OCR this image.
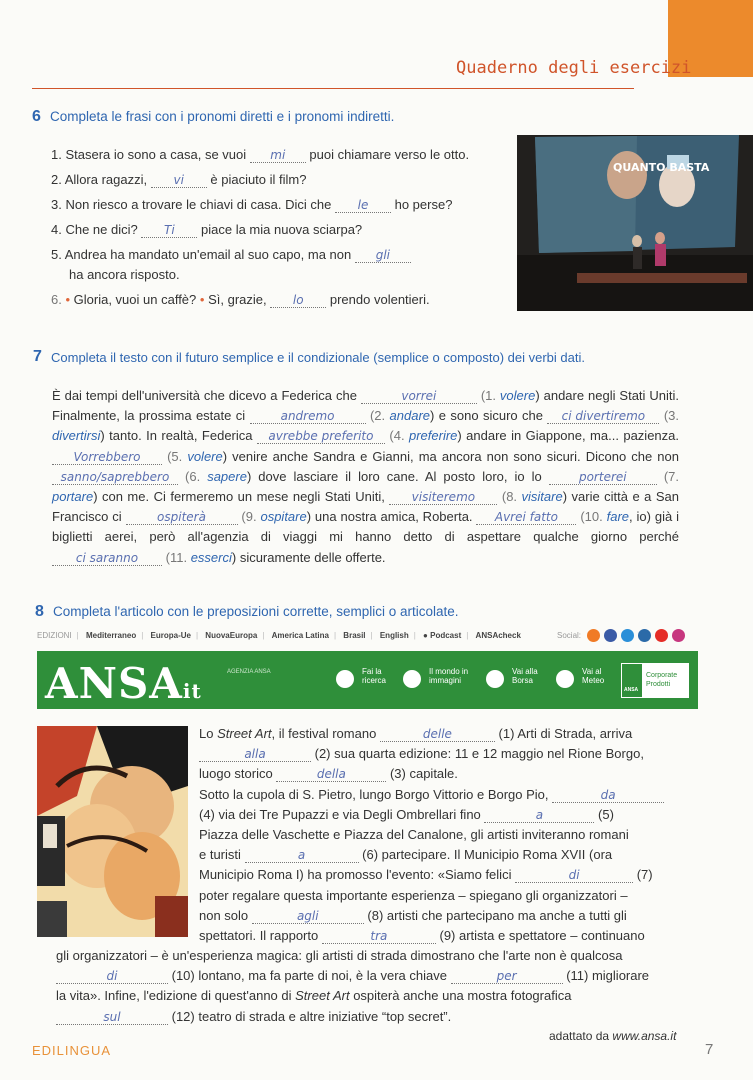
Quaderno degli esercizi
6 Completa le frasi con i pronomi diretti e i pronomi indiretti.
1. Stasera io sono a casa, se vuoi mi puoi chiamare verso le otto.
2. Allora ragazzi, vi è piaciuto il film?
3. Non riesco a trovare le chiavi di casa. Dici che le ho perse?
4. Che ne dici? Ti piace la mia nuova sciarpa?
5. Andrea ha mandato un'email al suo capo, ma non gli
ha ancora risposto.
6. • Gloria, vuoi un caffè? • Sì, grazie, lo prendo volentieri.
QUANTO BASTA
7 Completa il testo con il futuro semplice e il condizionale (semplice o composto) dei verbi dati.
È dai tempi dell'università che dicevo a Federica che	vorrei	(1. volere) andare negli Stati Uniti. Finalmente, la prossima estate ci	andremo	(2. andare) e sono sicuro che ci divertiremo (3. divertirsi) tanto. In realtà, Federica avrebbe preferito (4. preferire) andare in Giappone, ma... pazienza. Vorrebbero (5. volere) venire anche Sandra e Gianni, ma ancora non sono sicuri. Dicono che non sanno/saprebbero (6. sapere) dove lasciare il loro cane. Al posto loro, io lo	porterei	(7. portare) con me. Ci fermeremo un mese negli Stati Uniti, visiteremo (8. visitare) varie città e a San Francisco ci	ospiterà	(9. ospitare) una nostra amica, Roberta. Avrei fatto (10. fare, io) già i biglietti aerei, però all'agenzia di viaggi mi hanno detto di aspettare qualche giorno perché ci saranno (11. esserci) sicuramente delle offerte.
8 Completa l'articolo con le preposizioni corrette, semplici o articolate.
EDIZIONI | Mediterraneo | Europa-Ue | NuovaEuropa | America Latina | Brasil | English | ● Podcast | ANSAcheck	Social:
ANSAit
AGENZIA ANSA	Fai la
ricerca
Il mondo in
immagini
Vai alla
Borsa
Vai al
Meteo
ANSA
Corporate
Prodotti
Lo Street Art, il festival romano	delle	(1) Arti di Strada, arriva
alla	(2) sua quarta edizione: 11 e 12 maggio nel Rione Borgo,
luogo storico	della	(3) capitale.
Sotto la cupola di S. Pietro, lungo Borgo Vittorio e Borgo Pio,	da
(4) via dei Tre Pupazzi e via Degli Ombrellari fino	a	(5)
Piazza delle Vaschette e Piazza del Canalone, gli artisti inviteranno romani
e turisti	a	(6) partecipare. Il Municipio Roma XVII (ora
Municipio Roma I) ha promosso l'evento: «Siamo felici	di	(7)
poter regalare questa importante esperienza – spiegano gli organizzatori –
non solo	agli	(8) artisti che partecipano ma anche a tutti gli
spettatori. Il rapporto	tra	(9) artista e spettatore – continuano
gli organizzatori – è un'esperienza magica: gli artisti di strada dimostrano che l'arte non è qualcosa
di	(10) lontano, ma fa parte di noi, è la vera chiave	per	(11) migliorare
la vita». Infine, l'edizione di quest'anno di Street Art ospiterà anche una mostra fotografica
sul	(12) teatro di strada e altre iniziative “top secret”.
adattato da www.ansa.it
EDILINGUA	7
